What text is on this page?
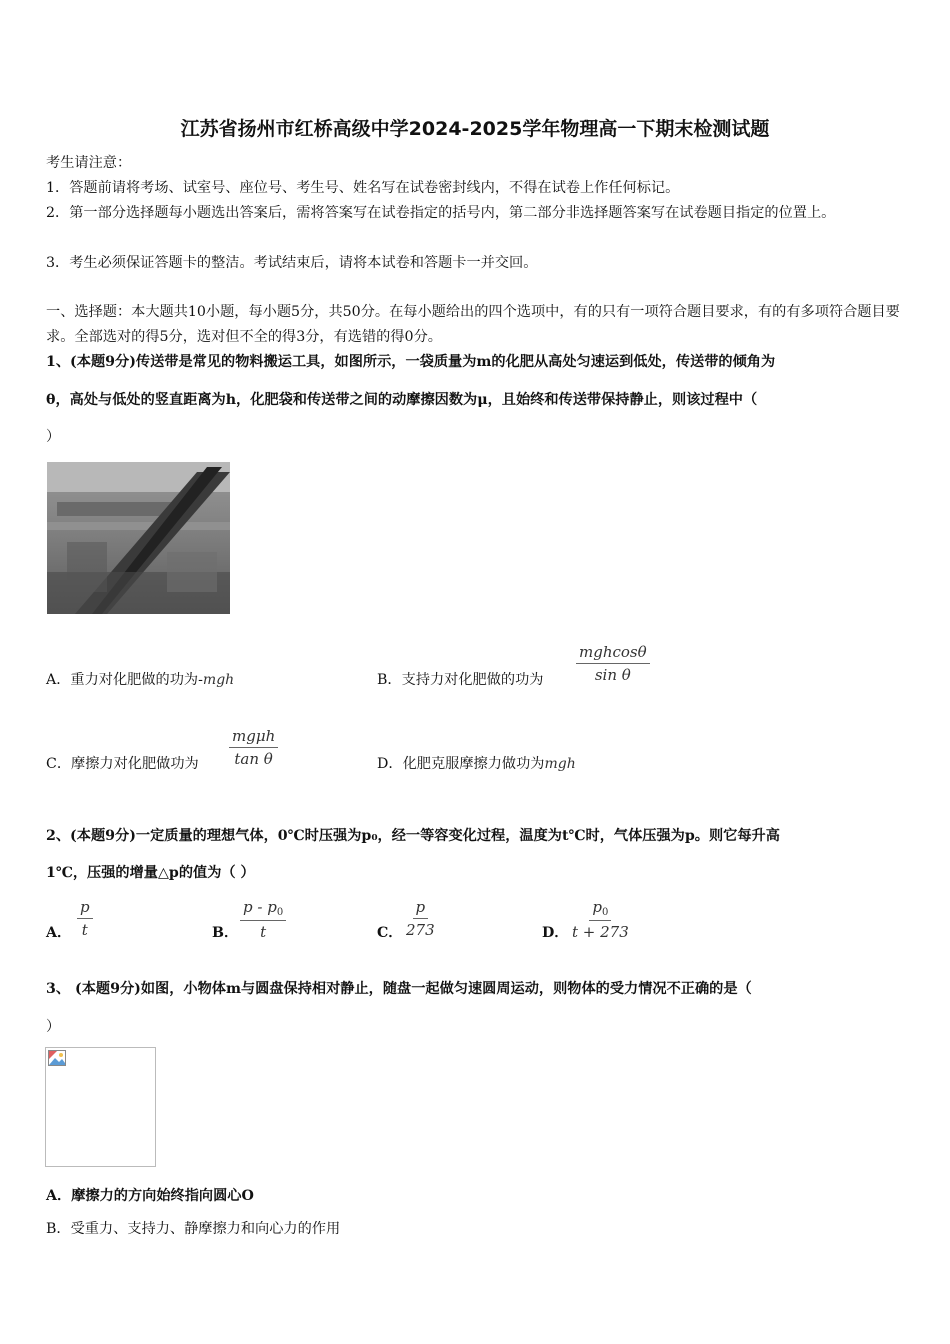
江苏省扬州市红桥高级中学2024-2025学年物理高一下期末检测试题
考生请注意：
1．答题前请将考场、试室号、座位号、考生号、姓名写在试卷密封线内，不得在试卷上作任何标记。
2．第一部分选择题每小题选出答案后，需将答案写在试卷指定的括号内，第二部分非选择题答案写在试卷题目指定的位置上。
3．考生必须保证答题卡的整洁。考试结束后，请将本试卷和答题卡一并交回。
一、选择题：本大题共10小题，每小题5分，共50分。在每小题给出的四个选项中，有的只有一项符合题目要求，有的有多项符合题目要求。全部选对的得5分，选对但不全的得3分，有选错的得0分。
1、(本题9分)传送带是常见的物料搬运工具，如图所示，一袋质量为m的化肥从高处匀速运到低处，传送带的倾角为
θ，高处与低处的竖直距离为h，化肥袋和传送带之间的动摩擦因数为μ，且始终和传送带保持静止，则该过程中（
）
A．重力对化肥做的功为-mgh	B．支持力对化肥做的功为
mghcosθ
sin θ
C．摩擦力对化肥做功为
mgμh
tan θ	D．化肥克服摩擦力做功为mgh
2、(本题9分)一定质量的理想气体，0℃时压强为p₀，经一等容变化过程，温度为t℃时，气体压强为p。则它每升高
1℃，压强的增量△p的值为（ ）
A． $\frac{p}{t}$	B． $\frac{p - p_0}{t}$	C． $\frac{p}{273}$	D． $\frac{p_0}{t + 273}$
3、 (本题9分)如图，小物体m与圆盘保持相对静止，随盘一起做匀速圆周运动，则物体的受力情况不正确的是（
）
A．摩擦力的方向始终指向圆心O
B．受重力、支持力、静摩擦力和向心力的作用
